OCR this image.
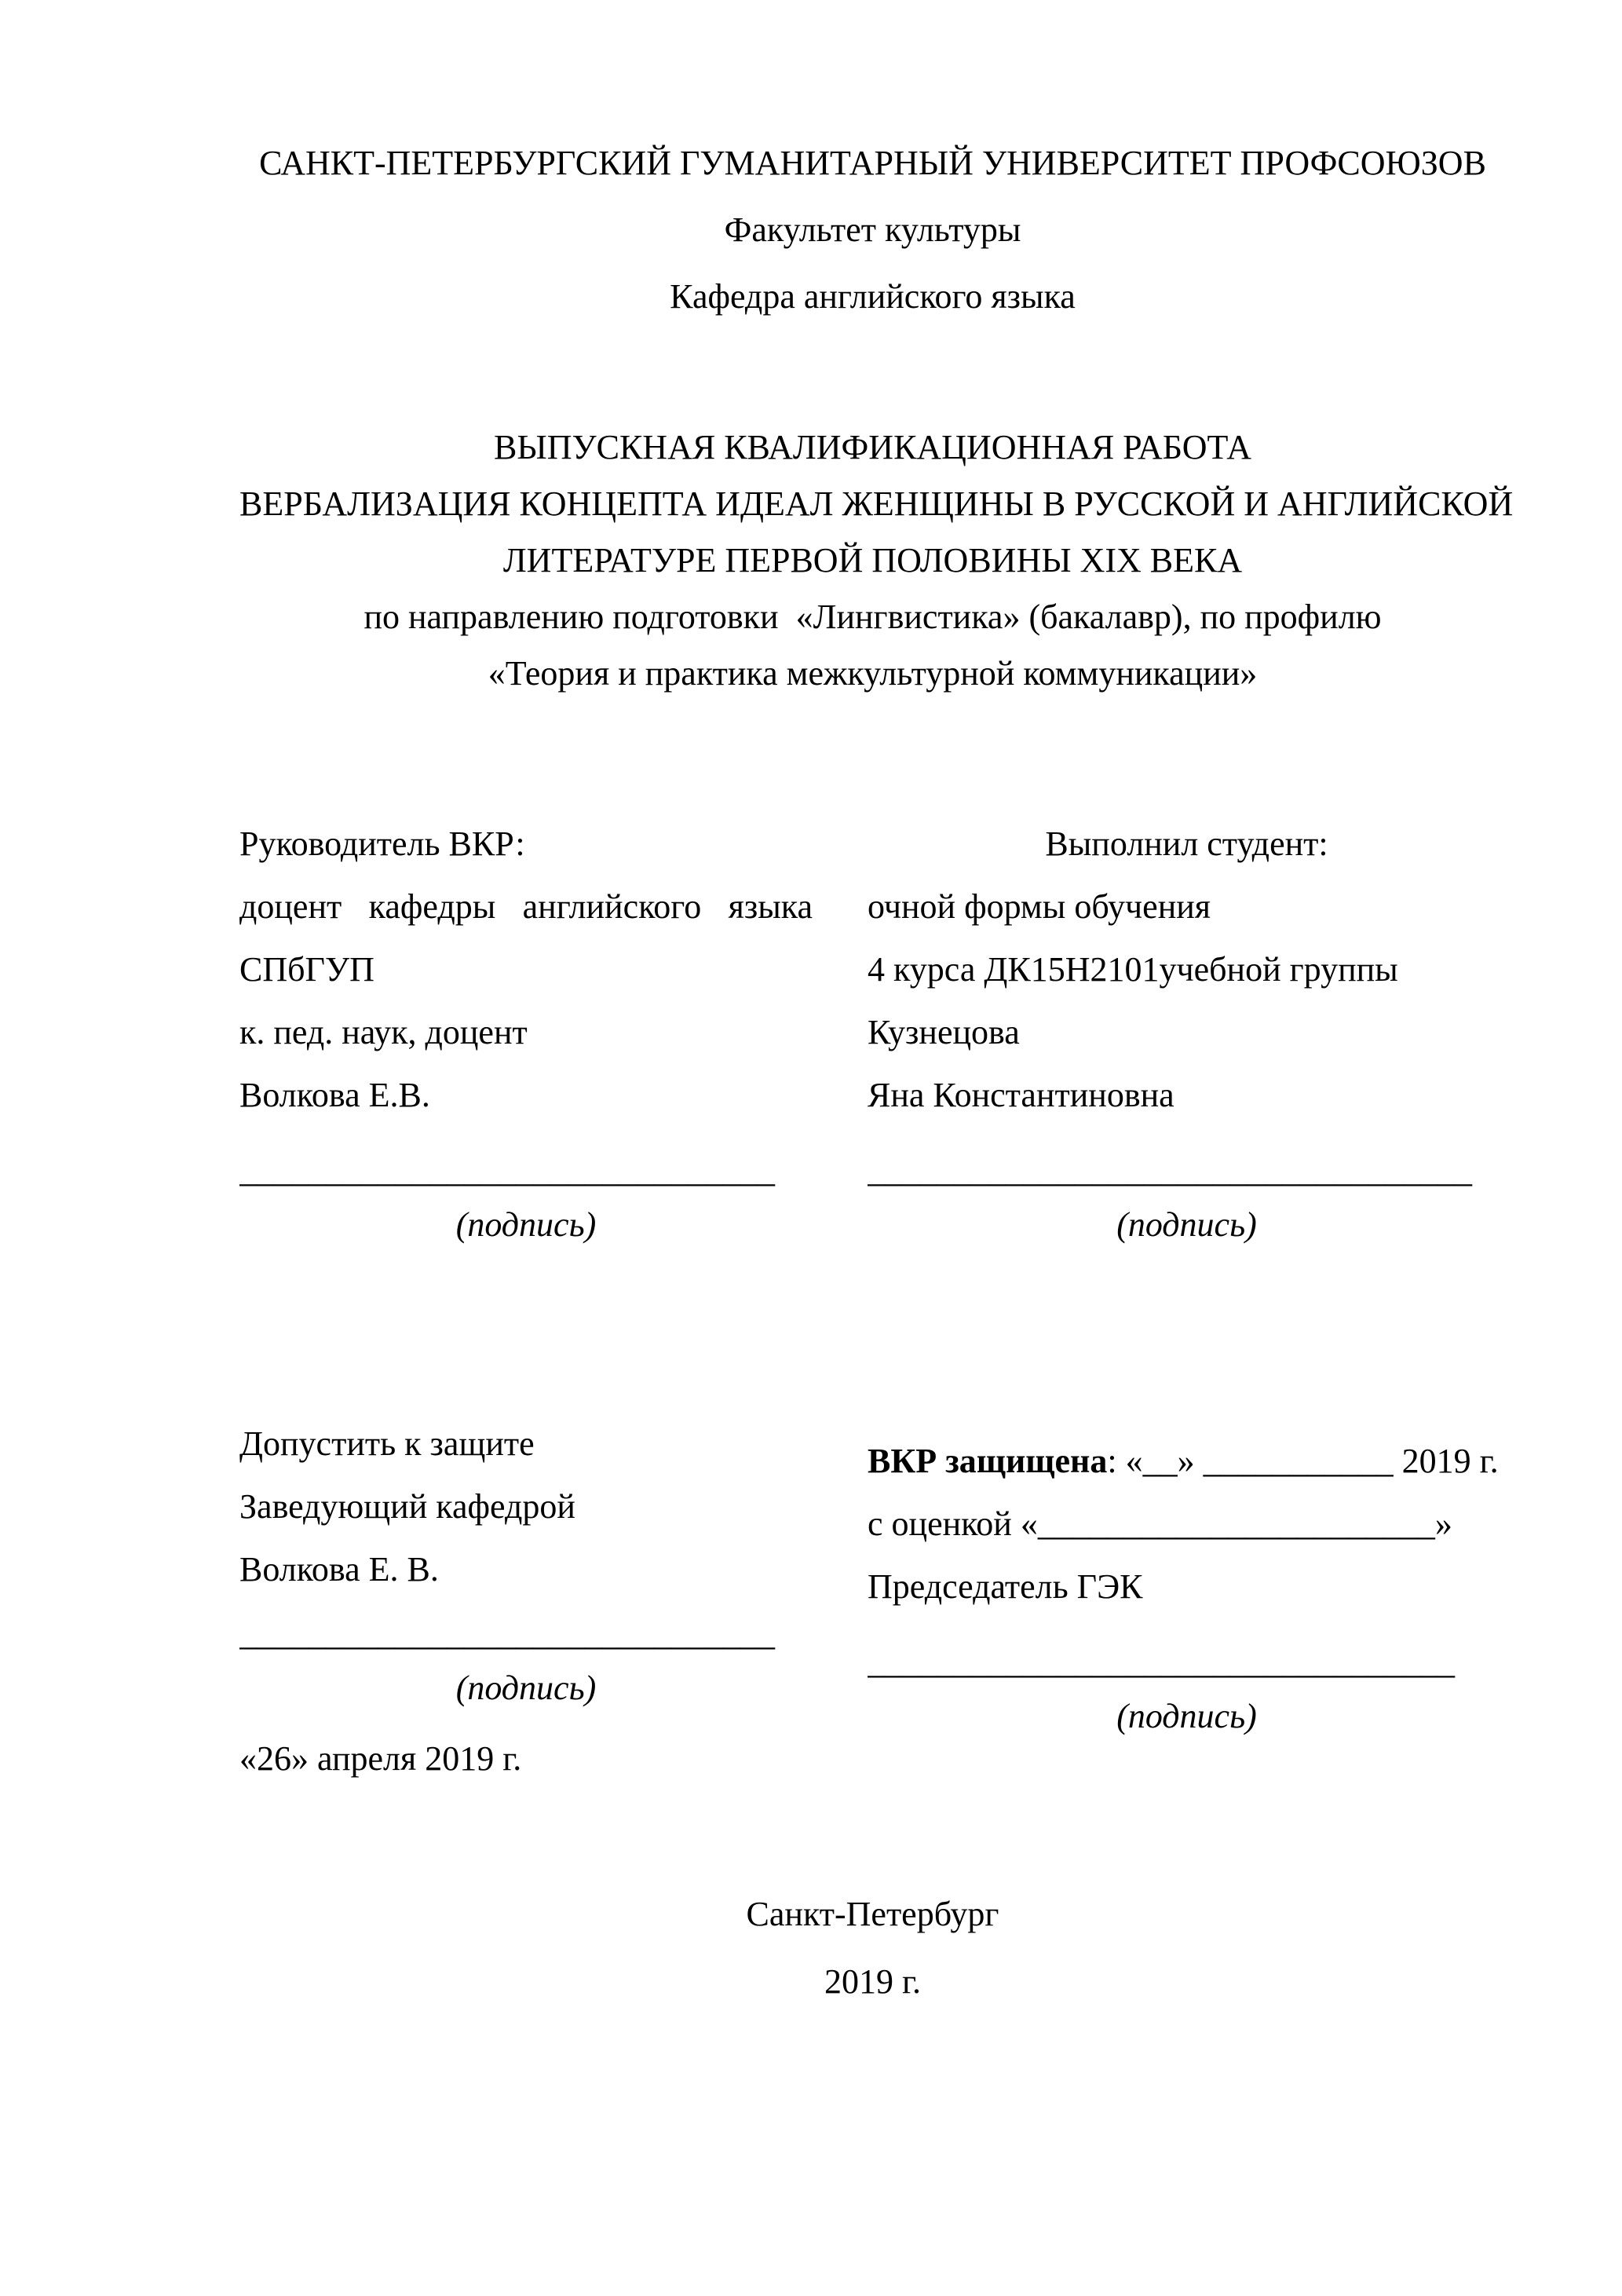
САНКТ-ПЕТЕРБУРГСКИЙ ГУМАНИТАРНЫЙ УНИВЕРСИТЕТ ПРОФСОЮЗОВ

Факультет культуры

Кафедра английского языка

ВЫПУСКНАЯ КВАЛИФИКАЦИОННАЯ РАБОТА

ВЕРБАЛИЗАЦИЯ КОНЦЕПТА ИДЕАЛ ЖЕНЩИНЫ В РУССКОЙ И АНГЛИЙСКОЙ

ЛИТЕРАТУРЕ ПЕРВОЙ ПОЛОВИНЫ XIX ВЕКА

по направлению подготовки  «Лингвистика» (бакалавр), по профилю

«Теория и практика межкультурной коммуникации»

Руководитель ВКР:

доцент кафедры английского языка

СПбГУП

к. пед. наук, доцент

Волкова Е.В.

_______________________________

(подпись)

Выполнил студент:

очной формы обучения

4 курса ДК15Н2101учебной группы

Кузнецова

Яна Константиновна

___________________________________

(подпись)

Допустить к защите

Заведующий кафедрой

Волкова Е. В.

_______________________________

(подпись)

«26» апреля 2019 г.

ВКР защищена: «__» ___________ 2019 г.

с оценкой «_______________________»

Председатель ГЭК

__________________________________

(подпись)

Санкт-Петербург

2019 г.
